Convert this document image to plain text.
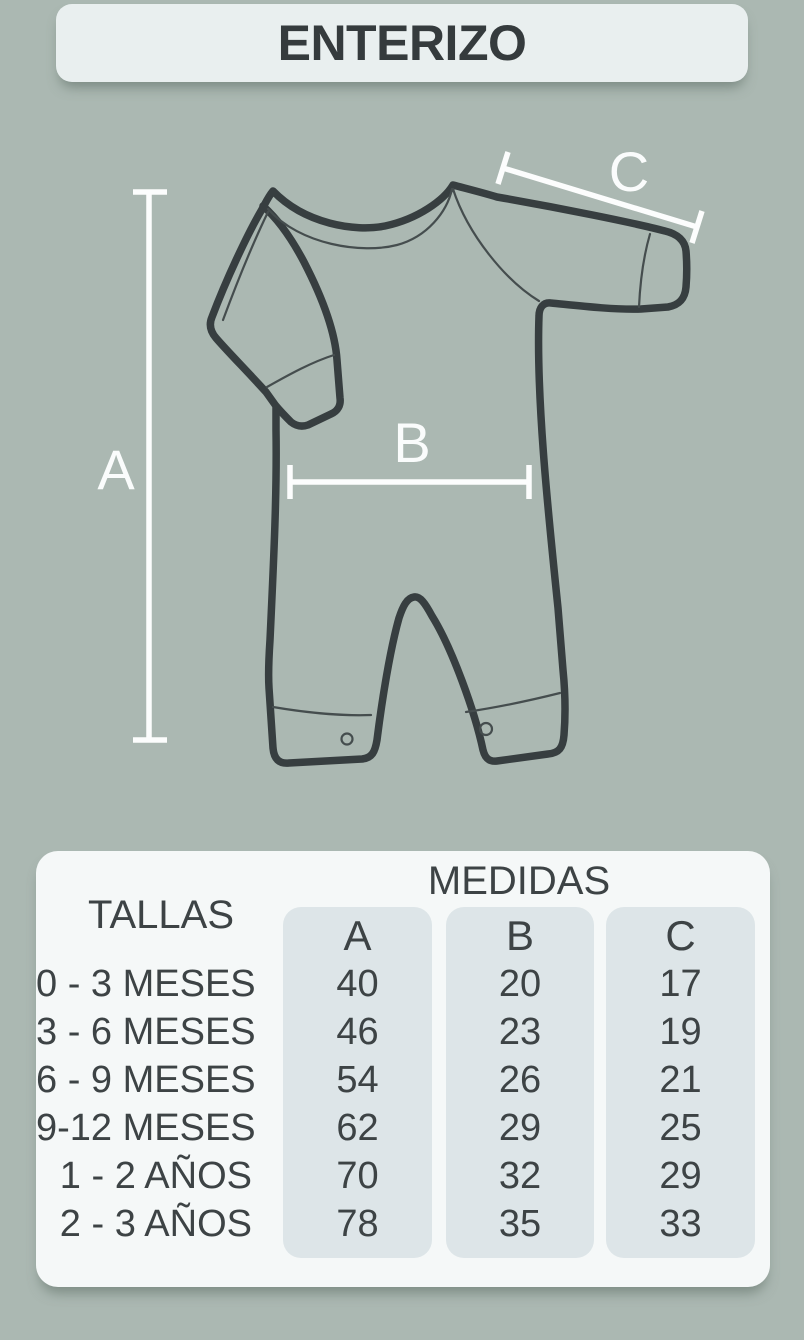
ENTERIZO
A	B
C
MEDIDAS
TALLAS	A	B	C
0 - 3 MESES	40	20	17
3 - 6 MESES	46	23	19
6 - 9 MESES	54	26	21
9-12 MESES	62	29	25
1 - 2 AÑOS	70	32	29
2 - 3 AÑOS	78	35	33
